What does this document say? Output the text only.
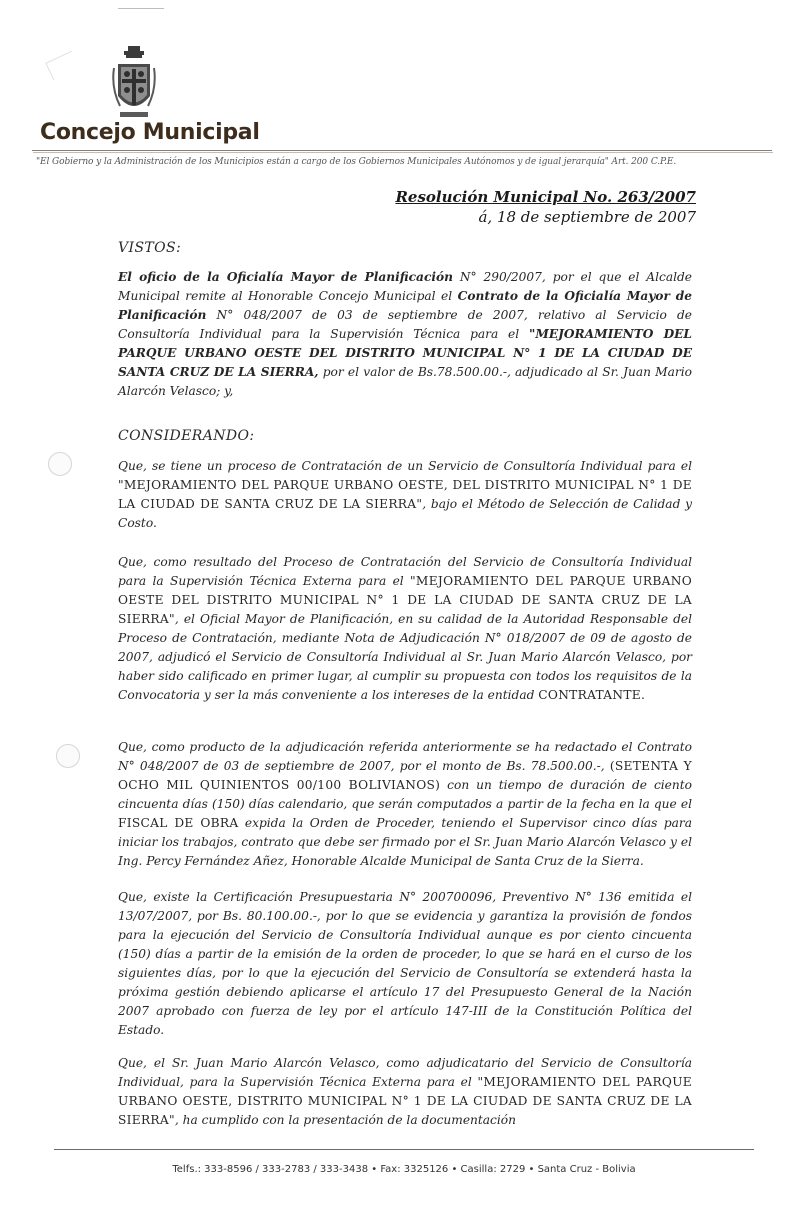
Concejo Municipal
"El Gobierno y la Administración de los Municipios están a cargo de los Gobiernos Municipales Autónomos y de igual jerarquía" Art. 200 C.P.E.
Resolución Municipal No. 263/2007
á, 18 de septiembre de 2007
VISTOS:
El oficio de la Oficialía Mayor de Planificación N° 290/2007, por el que el Alcalde Municipal remite al Honorable Concejo Municipal el Contrato de la Oficialía Mayor de Planificación N° 048/2007 de 03 de septiembre de 2007, relativo al Servicio de Consultoría Individual para la Supervisión Técnica para el "MEJORAMIENTO DEL PARQUE URBANO OESTE DEL DISTRITO MUNICIPAL N° 1 DE LA CIUDAD DE SANTA CRUZ DE LA SIERRA, por el valor de Bs.78.500.00.-, adjudicado al Sr. Juan Mario Alarcón Velasco; y,
CONSIDERANDO:
Que, se tiene un proceso de Contratación de un Servicio de Consultoría Individual para el "MEJORAMIENTO DEL PARQUE URBANO OESTE, DEL DISTRITO MUNICIPAL N° 1 DE LA CIUDAD DE SANTA CRUZ DE LA SIERRA", bajo el Método de Selección de Calidad y Costo.
Que, como resultado del Proceso de Contratación del Servicio de Consultoría Individual para la Supervisión Técnica Externa para el "MEJORAMIENTO DEL PARQUE URBANO OESTE DEL DISTRITO MUNICIPAL N° 1 DE LA CIUDAD DE SANTA CRUZ DE LA SIERRA", el Oficial Mayor de Planificación, en su calidad de la Autoridad Responsable del Proceso de Contratación, mediante Nota de Adjudicación N° 018/2007 de 09 de agosto de 2007, adjudicó el Servicio de Consultoría Individual al Sr. Juan Mario Alarcón Velasco, por haber sido calificado en primer lugar, al cumplir su propuesta con todos los requisitos de la Convocatoria y ser la más conveniente a los intereses de la entidad CONTRATANTE.
Que, como producto de la adjudicación referida anteriormente se ha redactado el Contrato N° 048/2007 de 03 de septiembre de 2007, por el monto de Bs. 78.500.00.-, (SETENTA Y OCHO MIL QUINIENTOS 00/100 BOLIVIANOS) con un tiempo de duración de ciento cincuenta días (150) días calendario, que serán computados a partir de la fecha en la que el FISCAL DE OBRA expida la Orden de Proceder, teniendo el Supervisor cinco días para iniciar los trabajos, contrato que debe ser firmado por el Sr. Juan Mario Alarcón Velasco y el Ing. Percy Fernández Añez, Honorable Alcalde Municipal de Santa Cruz de la Sierra.
Que, existe la Certificación Presupuestaria N° 200700096, Preventivo N° 136 emitida el 13/07/2007, por Bs. 80.100.00.-, por lo que se evidencia y garantiza la provisión de fondos para la ejecución del Servicio de Consultoría Individual aunque es por ciento cincuenta (150) días a partir de la emisión de la orden de proceder, lo que se hará en el curso de los siguientes días, por lo que la ejecución del Servicio de Consultoría se extenderá hasta la próxima gestión debiendo aplicarse el artículo 17 del Presupuesto General de la Nación 2007 aprobado con fuerza de ley por el artículo 147-III de la Constitución Política del Estado.
Que, el Sr. Juan Mario Alarcón Velasco, como adjudicatario del Servicio de Consultoría Individual, para la Supervisión Técnica Externa para el "MEJORAMIENTO DEL PARQUE URBANO OESTE, DISTRITO MUNICIPAL N° 1 DE LA CIUDAD DE SANTA CRUZ DE LA SIERRA", ha cumplido con la presentación de la documentación
Telfs.: 333-8596 / 333-2783 / 333-3438 • Fax: 3325126 • Casilla: 2729 • Santa Cruz - Bolivia
